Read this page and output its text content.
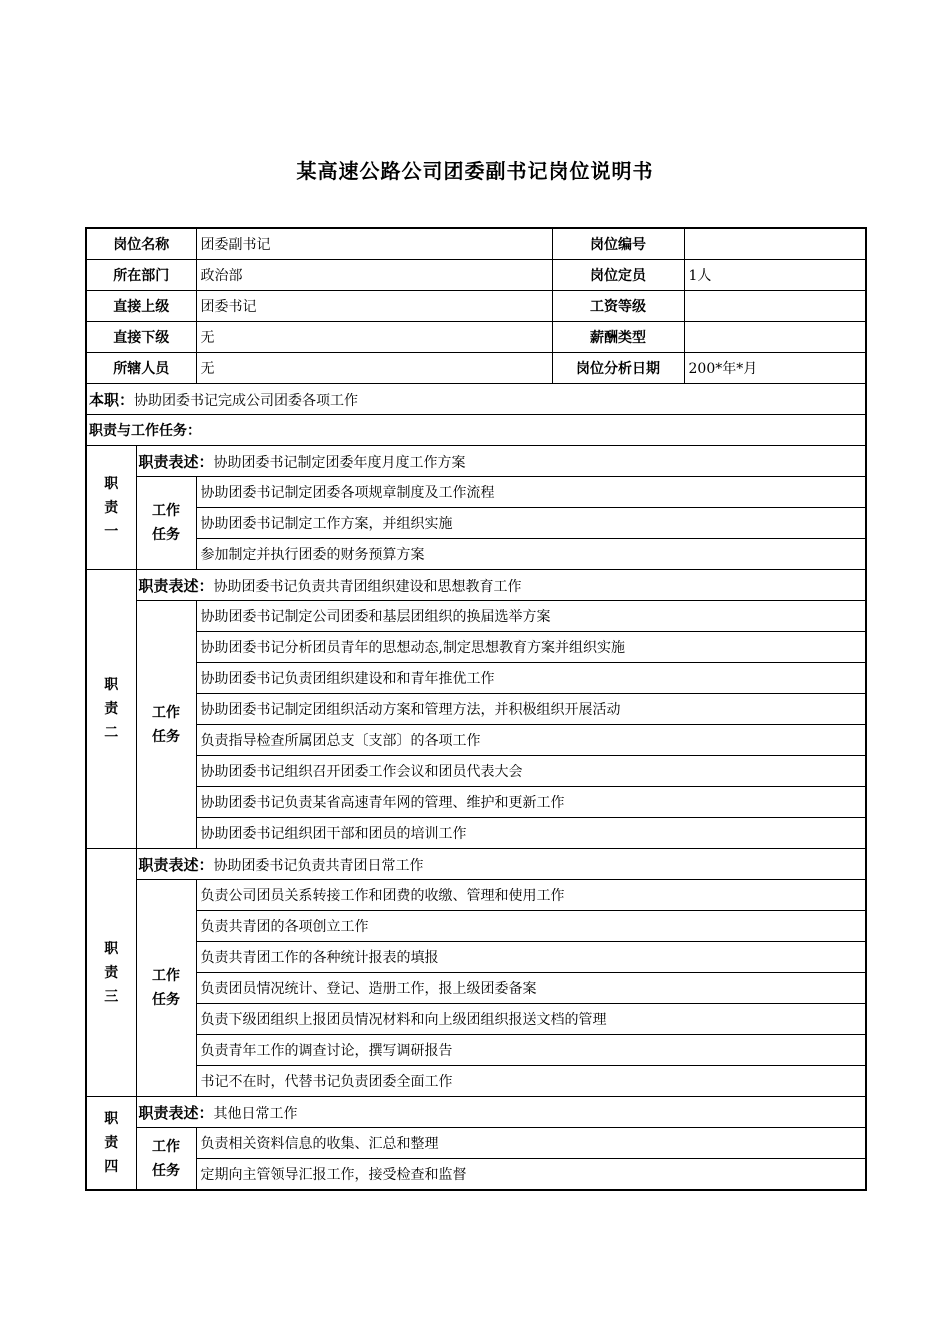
某高速公路公司团委副书记岗位说明书
岗位名称		团委副书记	岗位编号	
所在部门		政治部	岗位定员	1人
直接上级		团委书记	工资等级	
直接下级		无	薪酬类型	
所辖人员		无	岗位分析日期	200*年*月
本职：协助团委书记完成公司团委各项工作				
职责与工作任务：				
职责一	职责表述：协助团委书记制定团委年度月度工作方案			
	工作任务	协助团委书记制定团委各项规章制度及工作流程		
		协助团委书记制定工作方案，并组织实施		
		参加制定并执行团委的财务预算方案		
职责二	职责表述：协助团委书记负责共青团组织建设和思想教育工作			
	工作任务	协助团委书记制定公司团委和基层团组织的换届选举方案		
		协助团委书记分析团员青年的思想动态,制定思想教育方案并组织实施		
		协助团委书记负责团组织建设和和青年推优工作		
		协助团委书记制定团组织活动方案和管理方法，并积极组织开展活动		
		负责指导检查所属团总支〔支部〕的各项工作		
		协助团委书记组织召开团委工作会议和团员代表大会		
		协助团委书记负责某省高速青年网的管理、维护和更新工作		
		协助团委书记组织团干部和团员的培训工作		
职责三	职责表述：协助团委书记负责共青团日常工作			
	工作任务	负责公司团员关系转接工作和团费的收缴、管理和使用工作		
		负责共青团的各项创立工作		
		负责共青团工作的各种统计报表的填报		
		负责团员情况统计、登记、造册工作，报上级团委备案		
		负责下级团组织上报团员情况材料和向上级团组织报送文档的管理		
		负责青年工作的调查讨论，撰写调研报告		
		书记不在时，代替书记负责团委全面工作		
职责四	职责表述：其他日常工作			
	工作任务	负责相关资料信息的收集、汇总和整理		
		定期向主管领导汇报工作，接受检查和监督		
